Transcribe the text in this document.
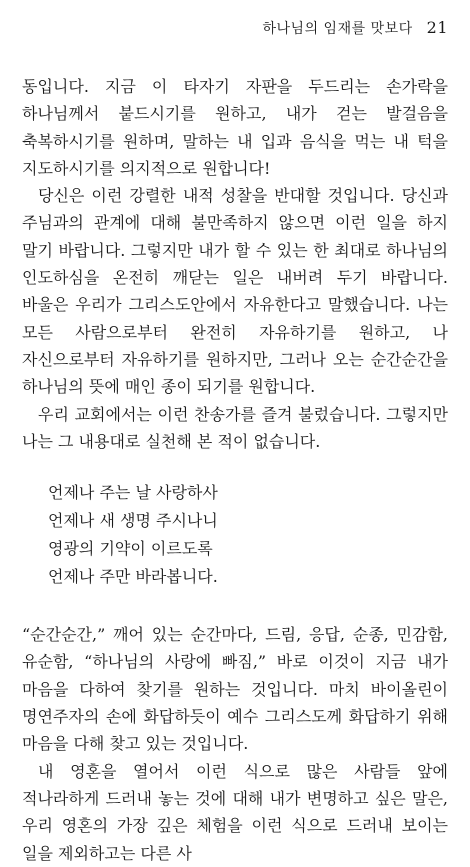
하나님의 임재를 맛보다 21

동입니다. 지금 이 타자기 자판을 두드리는 손가락을 하나님께서 붙드시기를 원하고, 내가 걷는 발걸음을 축복하시기를 원하며, 말하는 내 입과 음식을 먹는 내 턱을 지도하시기를 의지적으로 원합니다!

당신은 이런 강렬한 내적 성찰을 반대할 것입니다. 당신과 주님과의 관계에 대해 불만족하지 않으면 이런 일을 하지 말기 바랍니다. 그렇지만 내가 할 수 있는 한 최대로 하나님의 인도하심을 온전히 깨닫는 일은 내버려 두기 바랍니다. 바울은 우리가 그리스도안에서 자유한다고 말했습니다. 나는 모든 사람으로부터 완전히 자유하기를 원하고, 나 자신으로부터 자유하기를 원하지만, 그러나 오는 순간순간을 하나님의 뜻에 매인 종이 되기를 원합니다.

우리 교회에서는 이런 찬송가를 즐겨 불렀습니다. 그렇지만 나는 그 내용대로 실천해 본 적이 없습니다.

언제나 주는 날 사랑하사
언제나 새 생명 주시나니
영광의 기약이 이르도록
언제나 주만 바라봅니다.

“순간순간,” 깨어 있는 순간마다, 드림, 응답, 순종, 민감함, 유순함, “하나님의 사랑에 빠짐,” 바로 이것이 지금 내가 마음을 다하여 찾기를 원하는 것입니다. 마치 바이올린이 명연주자의 손에 화답하듯이 예수 그리스도께 화답하기 위해 마음을 다해 찾고 있는 것입니다.

내 영혼을 열어서 이런 식으로 많은 사람들 앞에 적나라하게 드러내 놓는 것에 대해 내가 변명하고 싶은 말은, 우리 영혼의 가장 깊은 체험을 이런 식으로 드러내 보이는 일을 제외하고는 다른 사
